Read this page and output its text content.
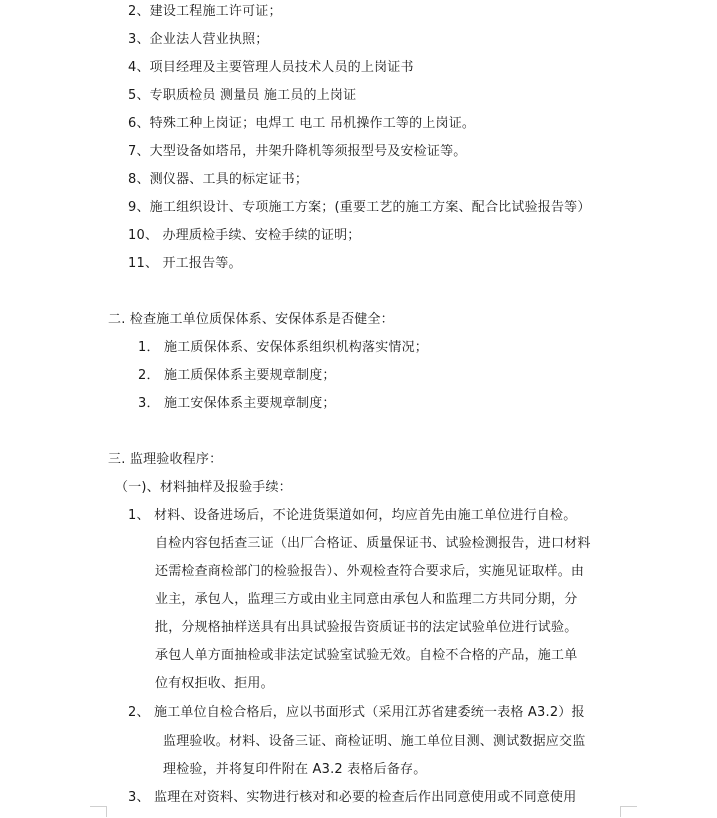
2、建设工程施工许可证；
3、企业法人营业执照；
4、项目经理及主要管理人员技术人员的上岗证书
5、专职质检员 测量员 施工员的上岗证
6、特殊工种上岗证；电焊工 电工 吊机操作工等的上岗证。
7、大型设备如塔吊，井架升降机等须报型号及安检证等。
8、测仪器、工具的标定证书；
9、施工组织设计、专项施工方案；(重要工艺的施工方案、配合比试验报告等）
10、 办理质检手续、安检手续的证明；
11、 开工报告等。
二. 检查施工单位质保体系、安保体系是否健全：
1． 施工质保体系、安保体系组织机构落实情况；
2． 施工质保体系主要规章制度；
3． 施工安保体系主要规章制度；
三. 监理验收程序：
（一)、材料抽样及报验手续：
1、 材料、设备进场后，不论进货渠道如何，均应首先由施工单位进行自检。
自检内容包括查三证（出厂合格证、质量保证书、试验检测报告，进口材料
还需检查商检部门的检验报告）、外观检查符合要求后，实施见证取样。由
业主，承包人，监理三方或由业主同意由承包人和监理二方共同分期，分
批，分规格抽样送具有出具试验报告资质证书的法定试验单位进行试验。
承包人单方面抽检或非法定试验室试验无效。自检不合格的产品，施工单
位有权拒收、拒用。
2、 施工单位自检合格后，应以书面形式（采用江苏省建委统一表格 A3.2）报
监理验收。材料、设备三证、商检证明、施工单位目测、测试数据应交监
理检验，并将复印件附在 A3.2 表格后备存。
3、 监理在对资料、实物进行核对和必要的检查后作出同意使用或不同意使用
